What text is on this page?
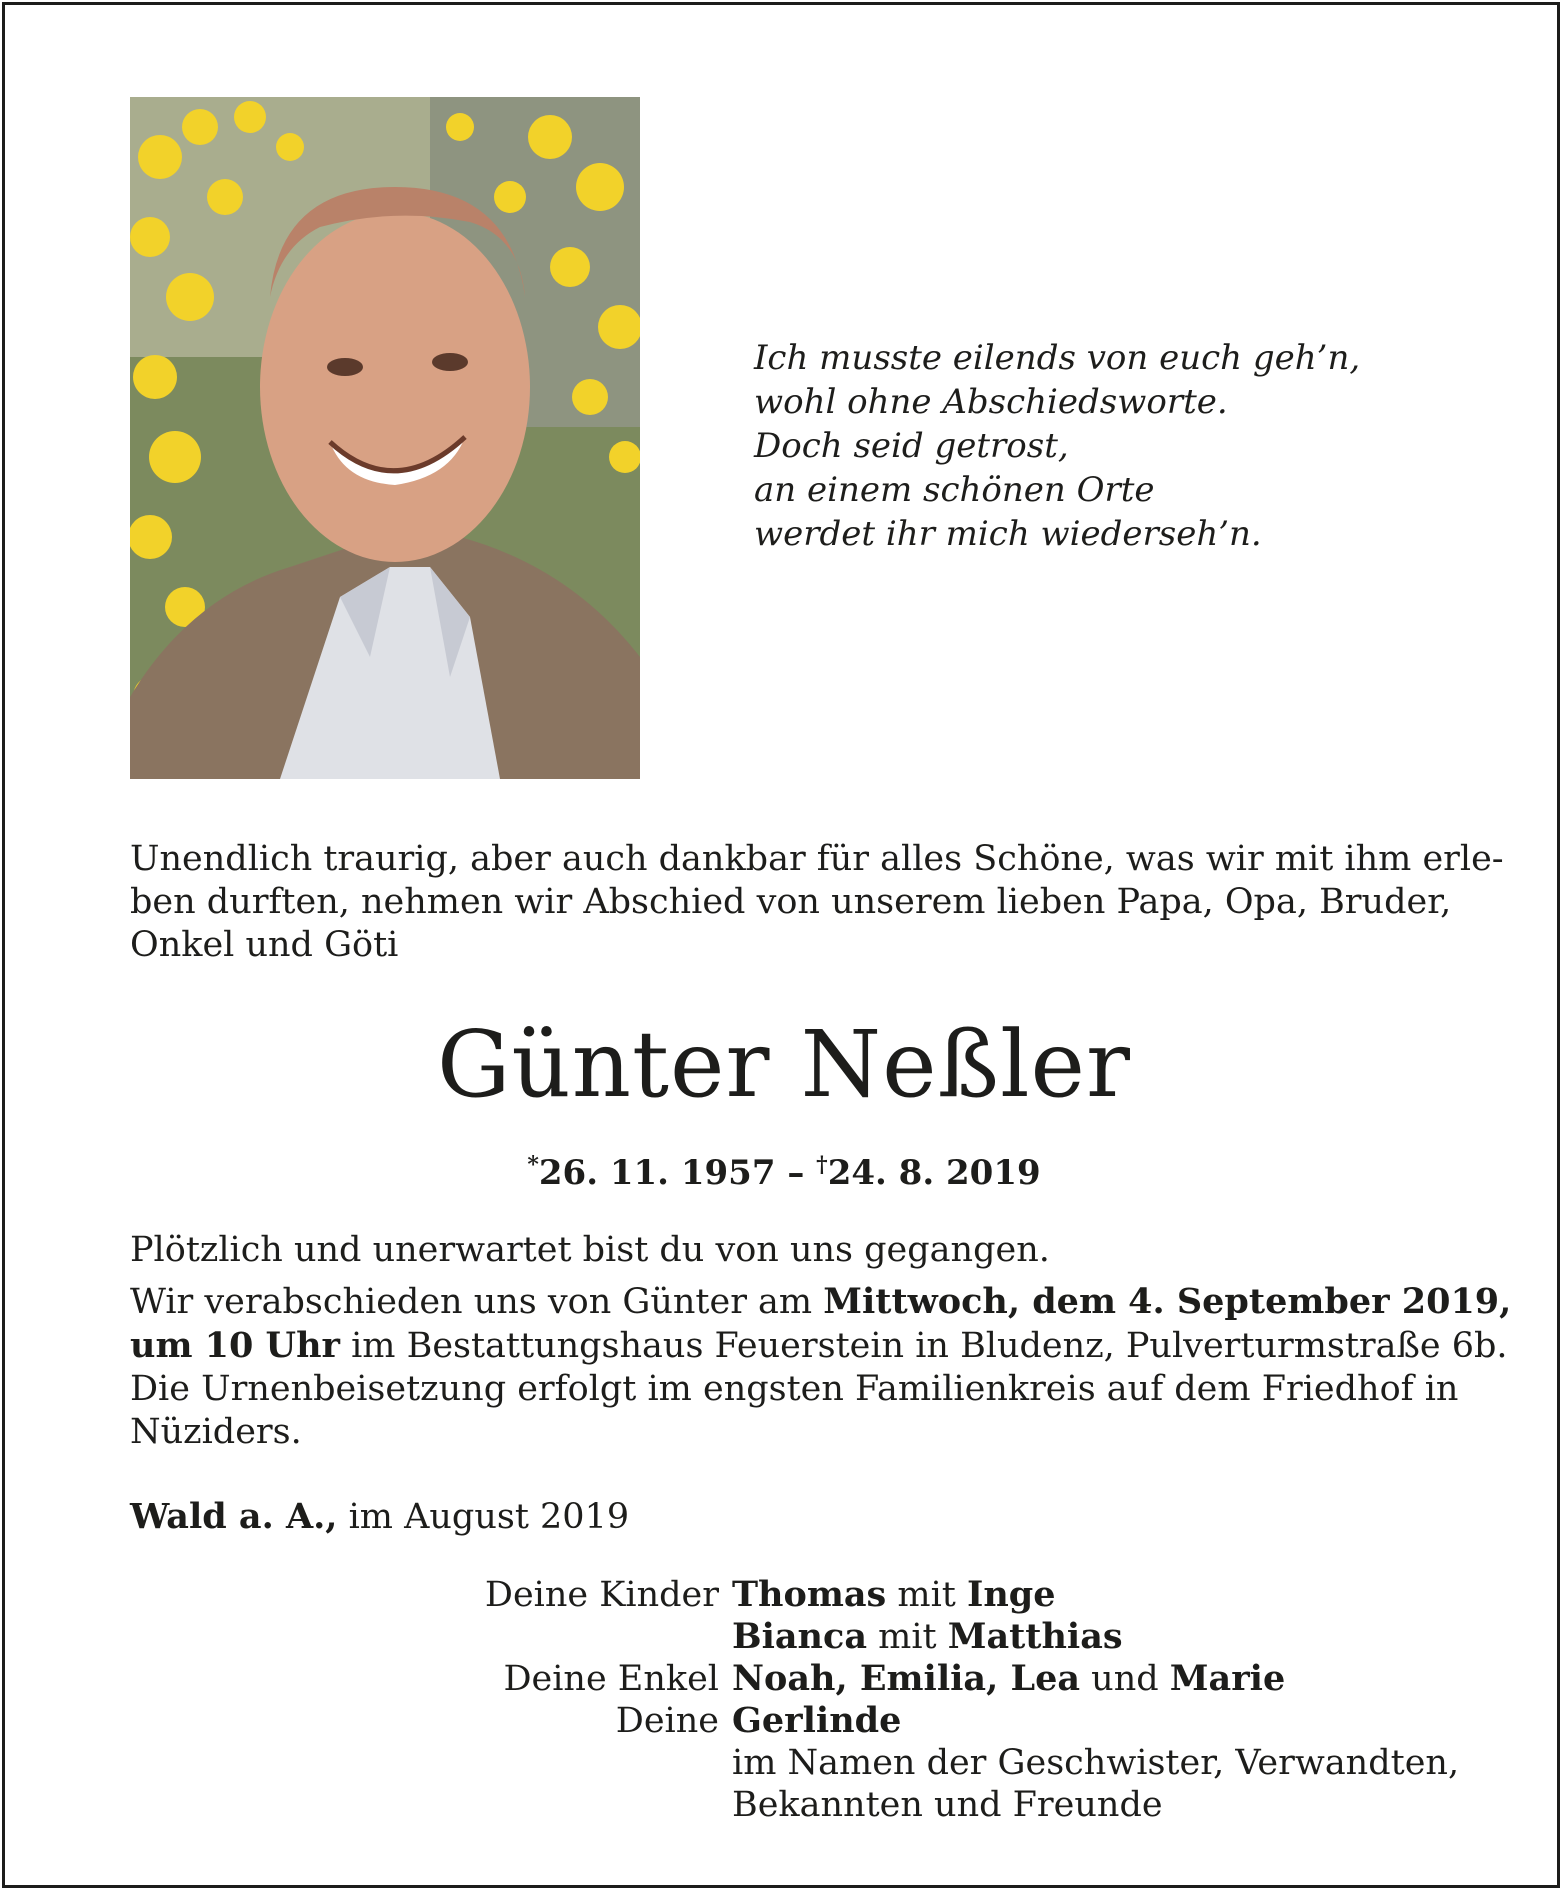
Ich musste eilends von euch geh’n,
wohl ohne Abschiedsworte.
Doch seid getrost,
an einem schönen Orte
werdet ihr mich wiederseh’n.
Unendlich traurig, aber auch dankbar für alles Schöne, was wir mit ihm erle-
ben durften, nehmen wir Abschied von unserem lieben Papa, Opa, Bruder,
Onkel und Göti
Günter Neßler
*26. 11. 1957 – †24. 8. 2019
Plötzlich und unerwartet bist du von uns gegangen.
Wir verabschieden uns von Günter am Mittwoch, dem 4. September 2019,
um 10 Uhr im Bestattungshaus Feuerstein in Bludenz, Pulverturmstraße 6b.
Die Urnenbeisetzung erfolgt im engsten Familienkreis auf dem Friedhof in
Nüziders.
Wald a. A., im August 2019
Deine Kinder Thomas mit Inge
Bianca mit Matthias
Deine Enkel Noah, Emilia, Lea und Marie
Deine Gerlinde
im Namen der Geschwister, Verwandten,
Bekannten und Freunde
